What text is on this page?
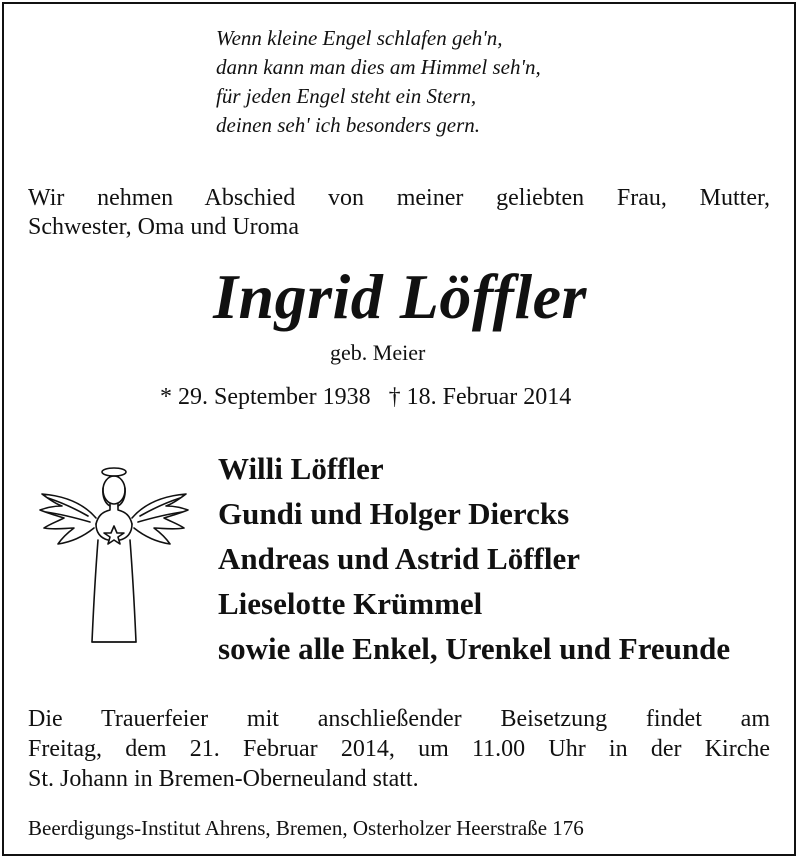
Wenn kleine Engel schlafen geh'n,
dann kann man dies am Himmel seh'n,
für jeden Engel steht ein Stern,
deinen seh' ich besonders gern.
Wir nehmen Abschied von meiner geliebten Frau, Mutter,
Schwester, Oma und Uroma
Ingrid Löffler
geb. Meier
* 29. September 1938 † 18. Februar 2014
Willi Löffler
Gundi und Holger Diercks
Andreas und Astrid Löffler
Lieselotte Krümmel
sowie alle Enkel, Urenkel und Freunde
Die Trauerfeier mit anschließender Beisetzung findet am
Freitag, dem 21. Februar 2014, um 11.00 Uhr in der Kirche
St. Johann in Bremen-Oberneuland statt.
Beerdigungs-Institut Ahrens, Bremen, Osterholzer Heerstraße 176
